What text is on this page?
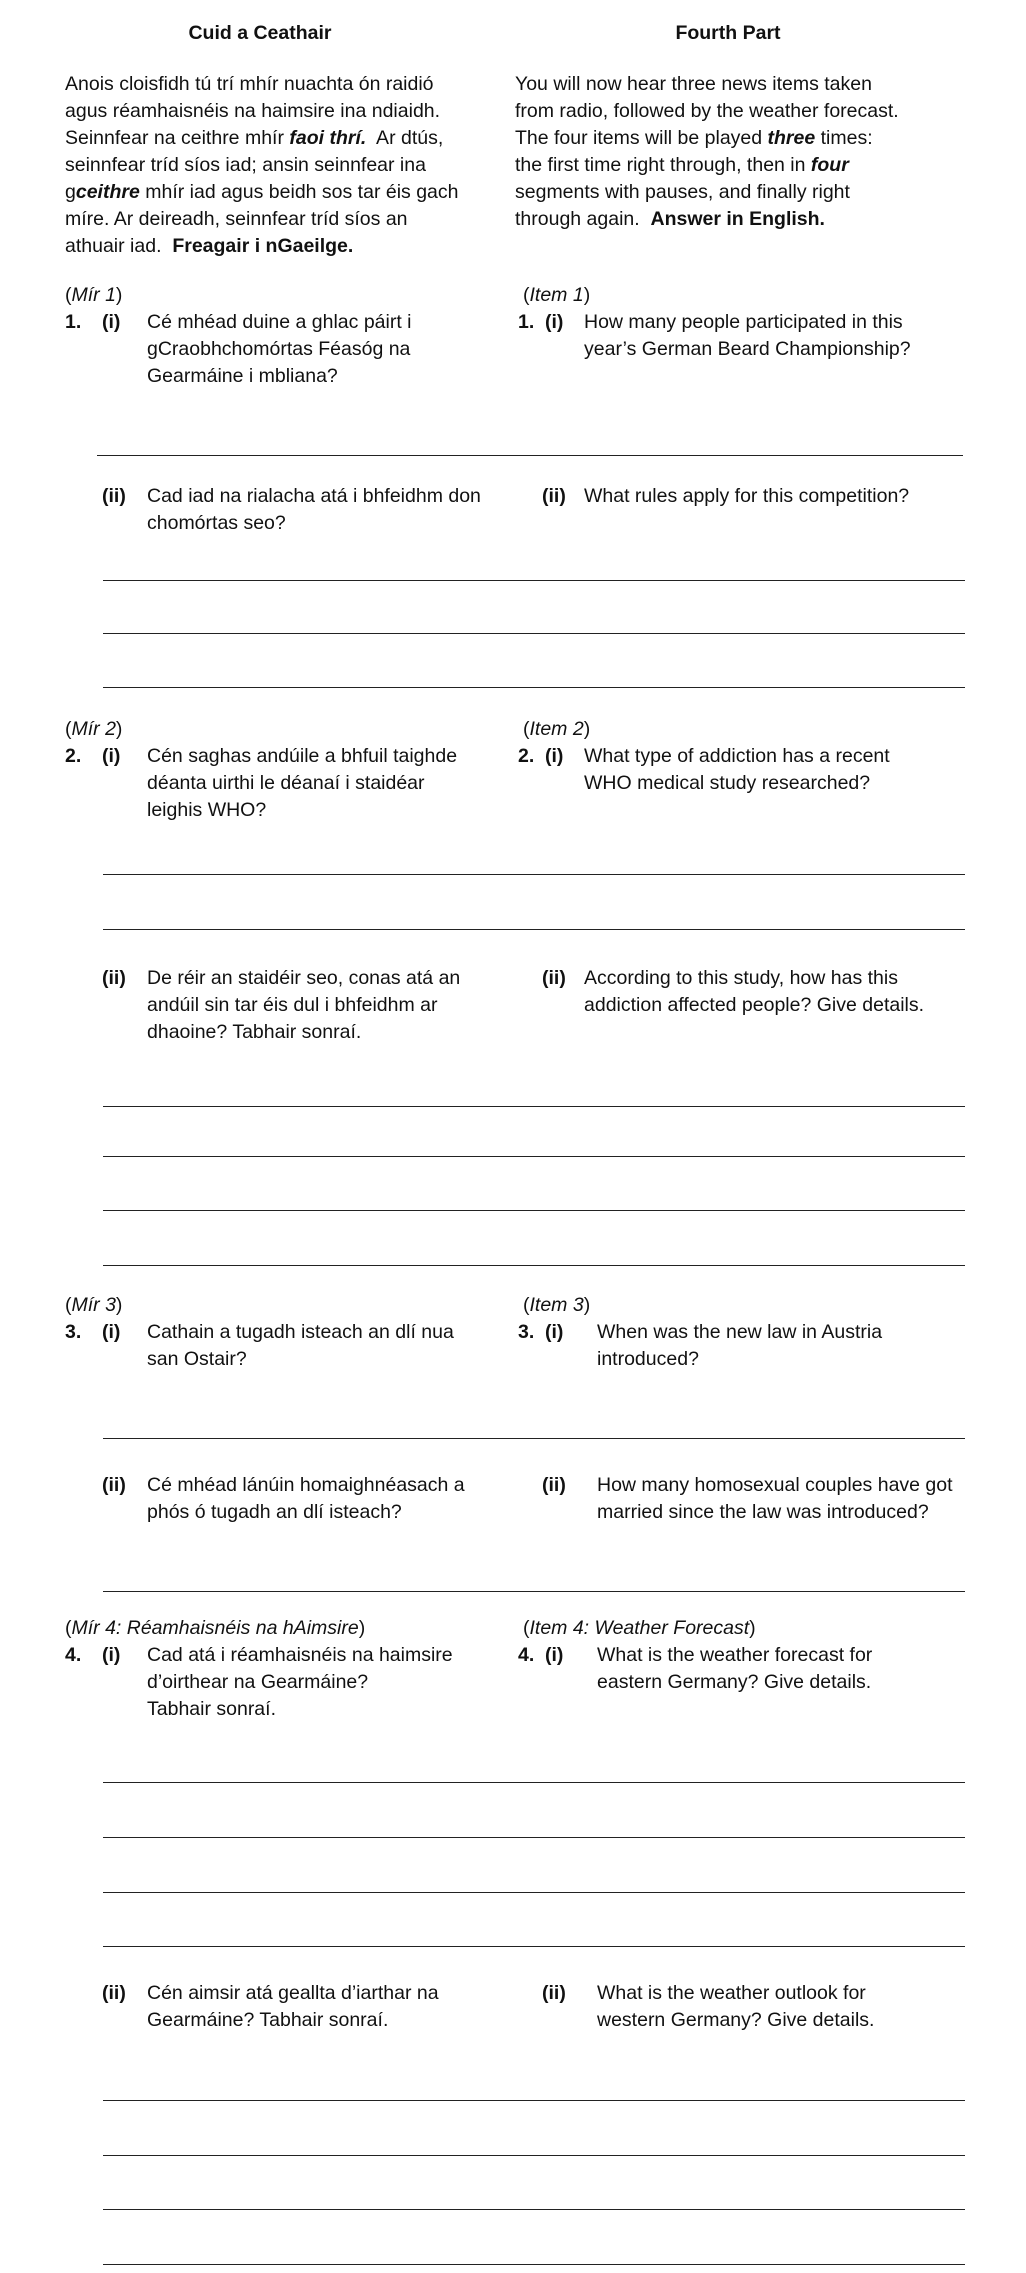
Cuid a Ceathair	Fourth Part
Anois cloisfidh tú trí mhír nuachta ón raidió
agus réamhaisnéis na haimsire ina ndiaidh.
Seinnfear na ceithre mhír faoi thrí.  Ar dtús,
seinnfear tríd síos iad; ansin seinnfear ina
gceithre mhír iad agus beidh sos tar éis gach
míre. Ar deireadh, seinnfear tríd síos an
athuair iad.  Freagair i nGaeilge.
You will now hear three news items taken
from radio, followed by the weather forecast.
The four items will be played three times:
the first time right through, then in four
segments with pauses, and finally right
through again.  Answer in English.
(Mír 1)	(Item 1)
1. (i) Cé mhéad duine a ghlac páirt i
gCraobhchomórtas Féasóg na
Gearmáine i mbliana?
1. (i) How many people participated in this
year’s German Beard Championship?
(ii) Cad iad na rialacha atá i bhfeidhm don
chomórtas seo?
(ii) What rules apply for this competition?
(Mír 2)	(Item 2)
2. (i) Cén saghas andúile a bhfuil taighde
déanta uirthi le déanaí i staidéar
leighis WHO?
2. (i) What type of addiction has a recent
WHO medical study researched?
(ii) De réir an staidéir seo, conas atá an
andúil sin tar éis dul i bhfeidhm ar
dhaoine? Tabhair sonraí.
(ii) According to this study, how has this
addiction affected people? Give details.
(Mír 3)	(Item 3)
3. (i) Cathain a tugadh isteach an dlí nua
san Ostair?
3. (i) When was the new law in Austria
introduced?
(ii) Cé mhéad lánúin homaighnéasach a
phós ó tugadh an dlí isteach?
(ii) How many homosexual couples have got
married since the law was introduced?
(Mír 4: Réamhaisnéis na hAimsire)	(Item 4: Weather Forecast)
4. (i) Cad atá i réamhaisnéis na haimsire
d’oirthear na Gearmáine?
Tabhair sonraí.
4. (i) What is the weather forecast for
eastern Germany? Give details.
(ii) Cén aimsir atá geallta d’iarthar na
Gearmáine? Tabhair sonraí.
(ii) What is the weather outlook for
western Germany? Give details.
